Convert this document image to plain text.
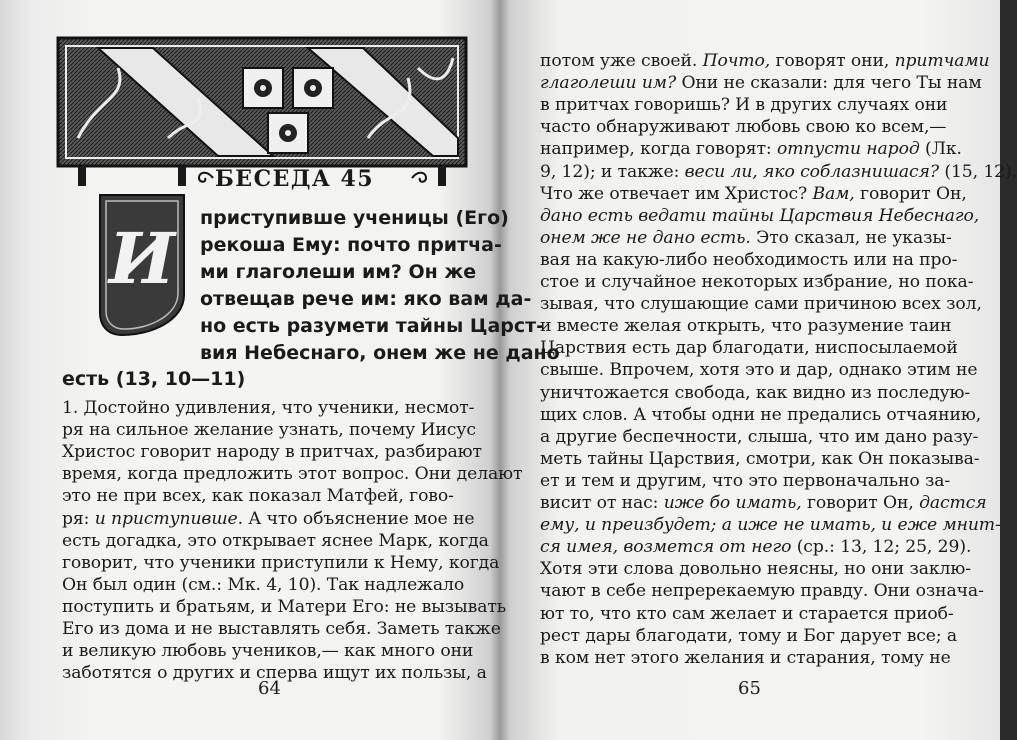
БЕСЕДА 45
И приступивше ученицы (Его)
рекоша Ему: почто притча-
ми глаголеши им? Он же
отвещав рече им: яко вам да-
но есть разумети тайны Царст-
вия Небеснаго, онем же не дано
есть (13, 10—11)
1. Достойно удивления, что ученики, несмот-
ря на сильное желание узнать, почему Иисус
Христос говорит народу в притчах, разбирают
время, когда предложить этот вопрос. Они делают
это не при всех, как показал Матфей, гово-
ря: и приступивше. А что объяснение мое не
есть догадка, это открывает яснее Марк, когда
говорит, что ученики приступили к Нему, когда
Он был один (см.: Мк. 4, 10). Так надлежало
поступить и братьям, и Матери Его: не вызывать
Его из дома и не выставлять себя. Заметь также
и великую любовь учеников,— как много они
заботятся о других и сперва ищут их пользы, а
64
потом уже своей. Почто, говорят они, притчами
глаголеши им? Они не сказали: для чего Ты нам
в притчах говоришь? И в других случаях они
часто обнаруживают любовь свою ко всем,—
например, когда говорят: отпусти народ (Лк.
9, 12); и также: веси ли, яко соблазнишася? (15, 12).
Что же отвечает им Христос? Вам, говорит Он,
дано есть ведати тайны Царствия Небеснаго,
онем же не дано есть. Это сказал, не указы-
вая на какую-либо необходимость или на про-
стое и случайное некоторых избрание, но пока-
зывая, что слушающие сами причиною всех зол,
и вместе желая открыть, что разумение таин
Царствия есть дар благодати, ниспосылаемой
свыше. Впрочем, хотя это и дар, однако этим не
уничтожается свобода, как видно из последую-
щих слов. А чтобы одни не предались отчаянию,
а другие беспечности, слыша, что им дано разу-
меть тайны Царствия, смотри, как Он показыва-
ет и тем и другим, что это первоначально за-
висит от нас: иже бо имать, говорит Он, дастся
ему, и преизбудет; а иже не имать, и еже мнит-
ся имея, возмется от него (ср.: 13, 12; 25, 29).
Хотя эти слова довольно неясны, но они заклю-
чают в себе непререкаемую правду. Они означа-
ют то, что кто сам желает и старается приоб-
рест дары благодати, тому и Бог дарует все; а
в ком нет этого желания и старания, тому не
65
